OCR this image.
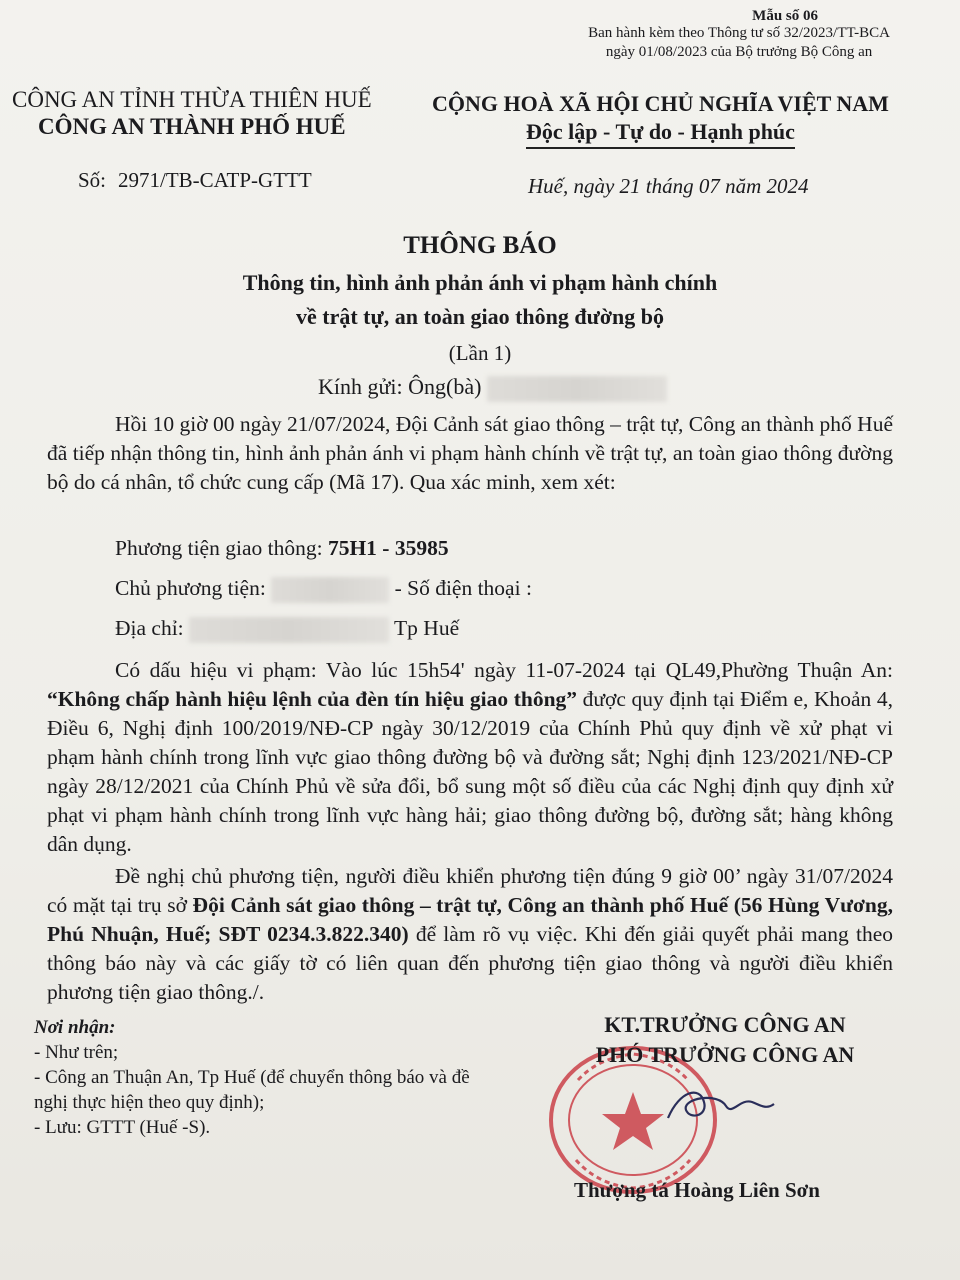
Mẫu số 06
Ban hành kèm theo Thông tư số 32/2023/TT-BCA
ngày 01/08/2023 của Bộ trưởng Bộ Công an
CÔNG AN TỈNH THỪA THIÊN HUẾ
CÔNG AN THÀNH PHỐ HUẾ
CỘNG HOÀ XÃ HỘI CHỦ NGHĨA VIỆT NAM
Độc lập - Tự do - Hạnh phúc
Số: 2971/TB-CATP-GTTT	Huế, ngày 21 tháng 07 năm 2024
THÔNG BÁO
Thông tin, hình ảnh phản ánh vi phạm hành chính
về trật tự, an toàn giao thông đường bộ
(Lần 1)
Kính gửi: Ông(bà)
Hồi 10 giờ 00 ngày 21/07/2024, Đội Cảnh sát giao thông – trật tự, Công an thành phố Huế đã tiếp nhận thông tin, hình ảnh phản ánh vi phạm hành chính về trật tự, an toàn giao thông đường bộ do cá nhân, tổ chức cung cấp (Mã 17). Qua xác minh, xem xét:
Phương tiện giao thông: 75H1 - 35985
Chủ phương tiện:	- Số điện thoại :
Địa chỉ:	Tp Huế
Có dấu hiệu vi phạm: Vào lúc 15h54' ngày 11-07-2024 tại QL49,Phường Thuận An: “Không chấp hành hiệu lệnh của đèn tín hiệu giao thông” được quy định tại Điểm e, Khoản 4, Điều 6, Nghị định 100/2019/NĐ-CP ngày 30/12/2019 của Chính Phủ quy định về xử phạt vi phạm hành chính trong lĩnh vực giao thông đường bộ và đường sắt; Nghị định 123/2021/NĐ-CP ngày 28/12/2021 của Chính Phủ về sửa đổi, bổ sung một số điều của các Nghị định quy định xử phạt vi phạm hành chính trong lĩnh vực hàng hải; giao thông đường bộ, đường sắt; hàng không dân dụng.
Đề nghị chủ phương tiện, người điều khiển phương tiện đúng 9 giờ 00’ ngày 31/07/2024 có mặt tại trụ sở Đội Cảnh sát giao thông – trật tự, Công an thành phố Huế (56 Hùng Vương, Phú Nhuận, Huế; SĐT 0234.3.822.340) để làm rõ vụ việc. Khi đến giải quyết phải mang theo thông báo này và các giấy tờ có liên quan đến phương tiện giao thông và người điều khiển phương tiện giao thông./.
Nơi nhận:
- Như trên;
- Công an Thuận An, Tp Huế (để chuyển thông báo và đề nghị thực hiện theo quy định);
- Lưu: GTTT (Huế -S).
KT.TRƯỞNG CÔNG AN
PHÓ TRƯỞNG CÔNG AN
Thượng tá Hoàng Liên Sơn
